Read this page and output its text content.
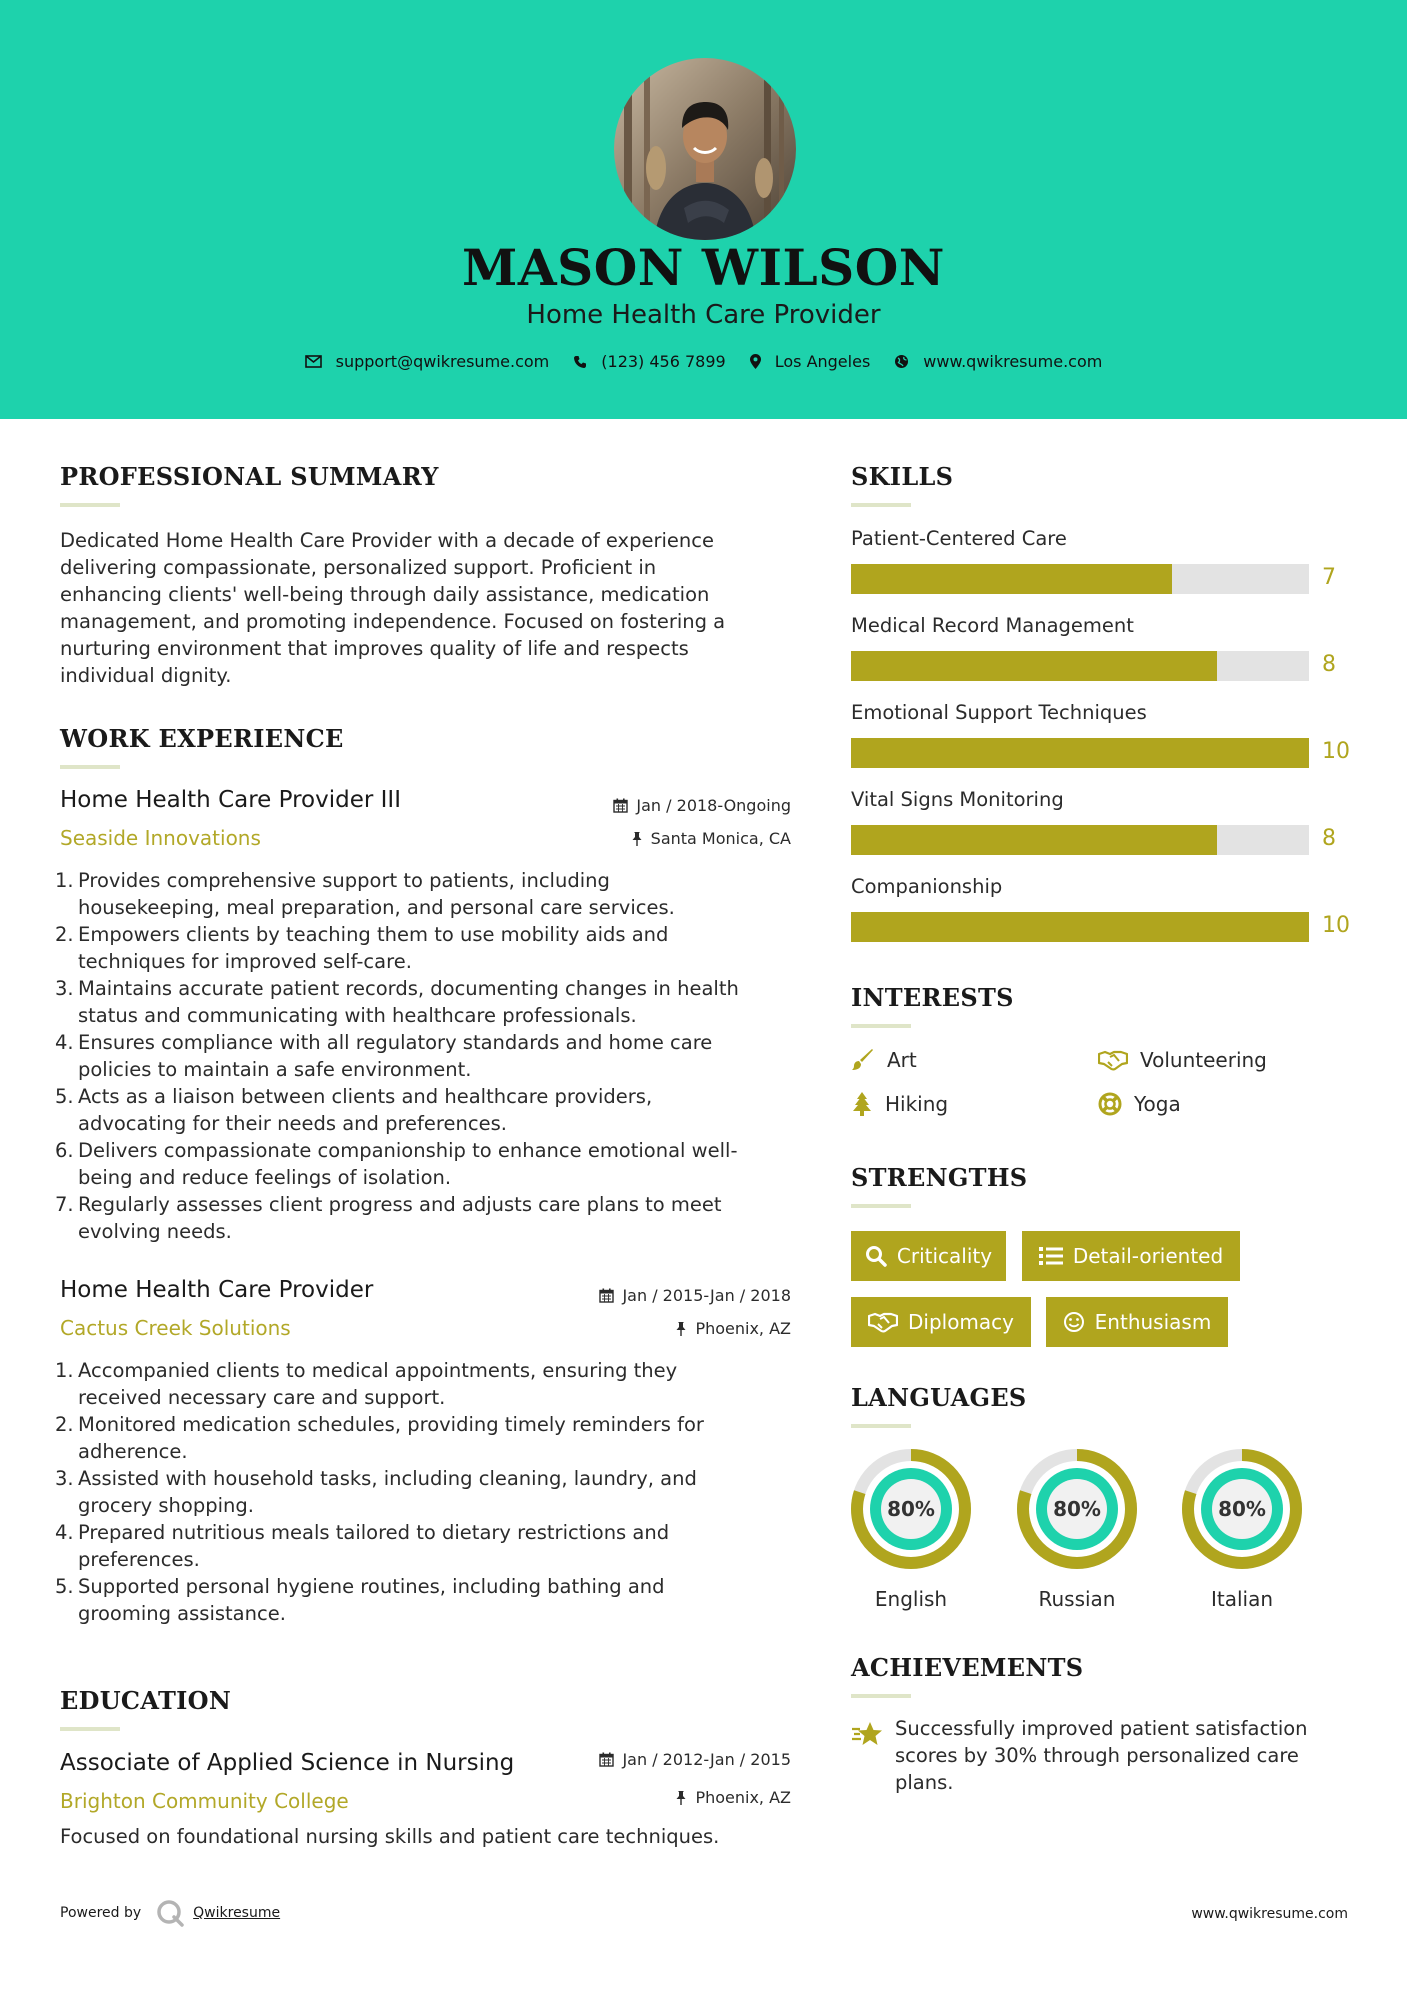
MASON WILSON
Home Health Care Provider
support@qwikresume.com	(123) 456 7899	Los Angeles	www.qwikresume.com
PROFESSIONAL SUMMARY
Dedicated Home Health Care Provider with a decade of experience
delivering compassionate, personalized support. Proficient in
enhancing clients' well-being through daily assistance, medication
management, and promoting independence. Focused on fostering a
nurturing environment that improves quality of life and respects
individual dignity.
WORK EXPERIENCE
Home Health Care Provider III	Jan / 2018-Ongoing
Seaside Innovations	Santa Monica, CA
1. Provides comprehensive support to patients, including
housekeeping, meal preparation, and personal care services.
2. Empowers clients by teaching them to use mobility aids and
techniques for improved self-care.
3. Maintains accurate patient records, documenting changes in health
status and communicating with healthcare professionals.
4. Ensures compliance with all regulatory standards and home care
policies to maintain a safe environment.
5. Acts as a liaison between clients and healthcare providers,
advocating for their needs and preferences.
6. Delivers compassionate companionship to enhance emotional well-
being and reduce feelings of isolation.
7. Regularly assesses client progress and adjusts care plans to meet
evolving needs.
Home Health Care Provider	Jan / 2015-Jan / 2018
Cactus Creek Solutions	Phoenix, AZ
1. Accompanied clients to medical appointments, ensuring they
received necessary care and support.
2. Monitored medication schedules, providing timely reminders for
adherence.
3. Assisted with household tasks, including cleaning, laundry, and
grocery shopping.
4. Prepared nutritious meals tailored to dietary restrictions and
preferences.
5. Supported personal hygiene routines, including bathing and
grooming assistance.
EDUCATION
Associate of Applied Science in Nursing	Jan / 2012-Jan / 2015
Brighton Community College	Phoenix, AZ
Focused on foundational nursing skills and patient care techniques.
SKILLS
Patient-Centered Care
7
Medical Record Management
8
Emotional Support Techniques
10
Vital Signs Monitoring
8
Companionship
10
INTERESTS
Art	Volunteering
Hiking	Yoga
STRENGTHS
Criticality	Detail-oriented
Diplomacy	Enthusiasm
LANGUAGES
80%
English
80%
Russian
80%
Italian
ACHIEVEMENTS
Successfully improved patient satisfaction
scores by 30% through personalized care
plans.
Powered by	Qwikresume	www.qwikresume.com
